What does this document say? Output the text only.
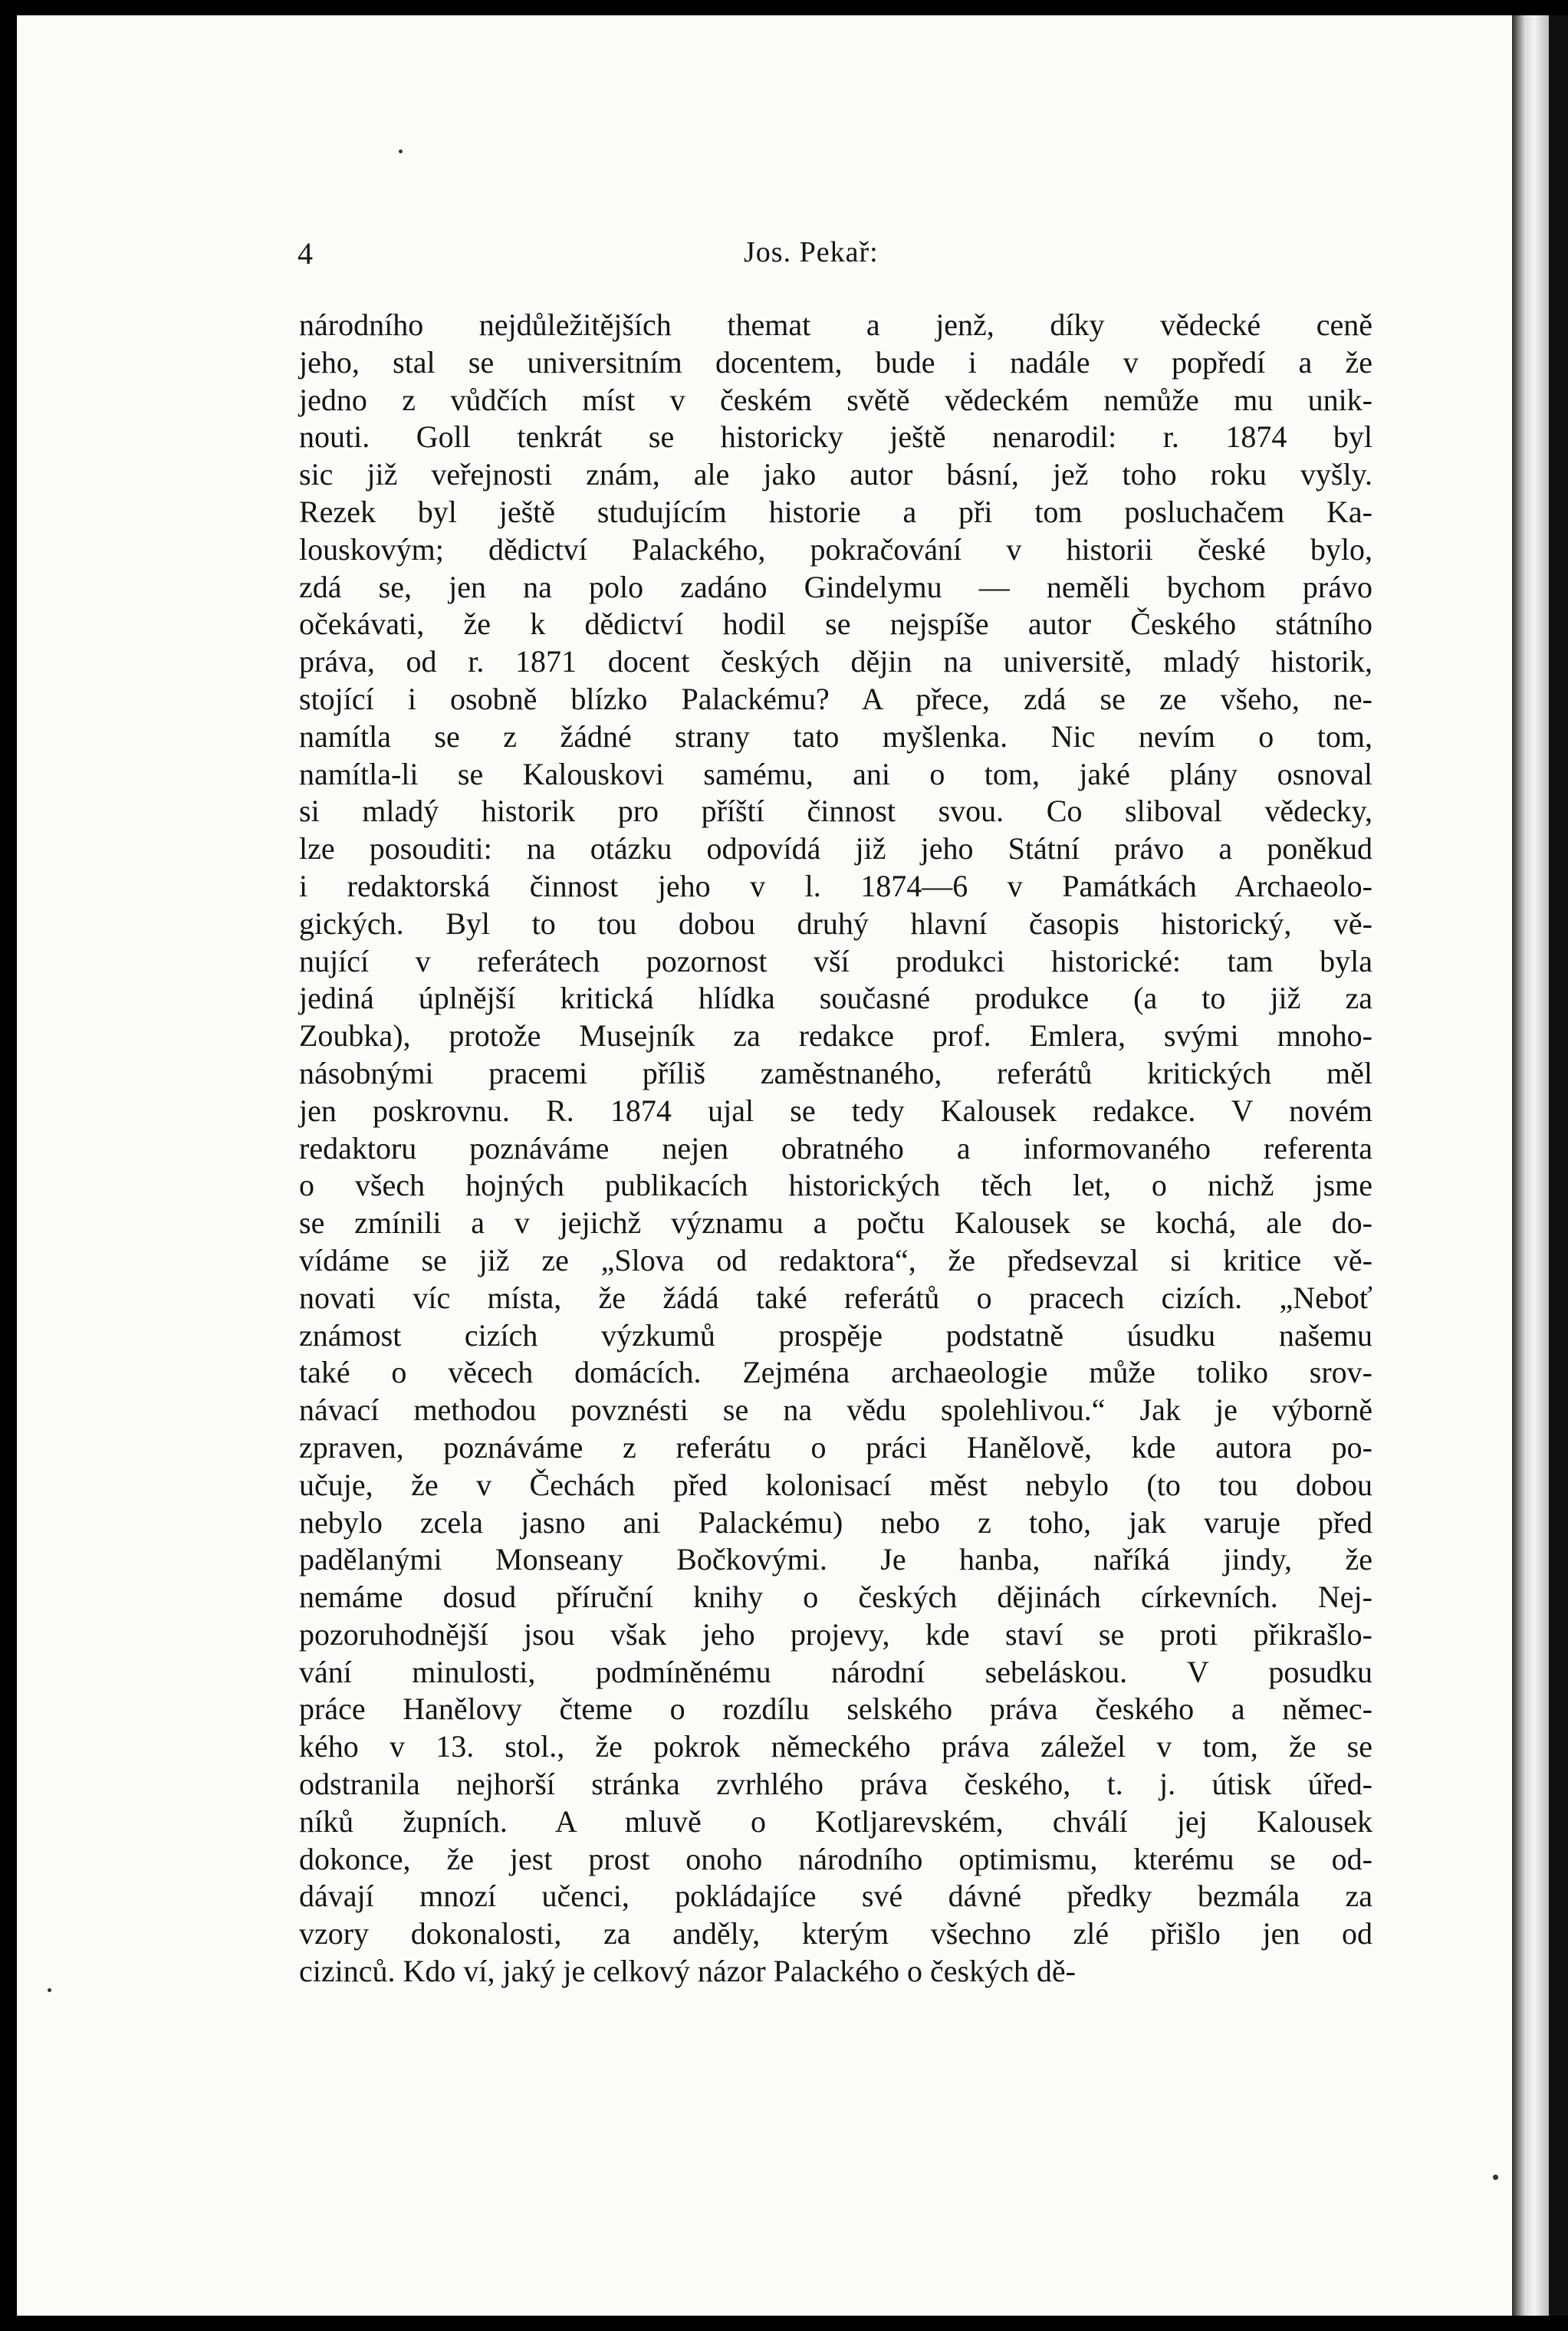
4	Jos. Pekař:
národního nejdůležitějších themat a jenž, díky vědecké ceně
jeho, stal se universitním docentem, bude i nadále v popředí a že
jedno z vůdčích míst v českém světě vědeckém nemůže mu unik-
nouti. Goll tenkrát se historicky ještě nenarodil: r. 1874 byl
sic již veřejnosti znám, ale jako autor básní, jež toho roku vyšly.
Rezek byl ještě studujícím historie a při tom posluchačem Ka-
louskovým; dědictví Palackého, pokračování v historii české bylo,
zdá se, jen na polo zadáno Gindelymu — neměli bychom právo
očekávati, že k dědictví hodil se nejspíše autor Českého státního
práva, od r. 1871 docent českých dějin na universitě, mladý historik,
stojící i osobně blízko Palackému? A přece, zdá se ze všeho, ne-
namítla se z žádné strany tato myšlenka. Nic nevím o tom,
namítla-li se Kalouskovi samému, ani o tom, jaké plány osnoval
si mladý historik pro příští činnost svou. Co sliboval vědecky,
lze posouditi: na otázku odpovídá již jeho Státní právo a poněkud
i redaktorská činnost jeho v l. 1874—6 v Památkách Archaeolo-
gických. Byl to tou dobou druhý hlavní časopis historický, vě-
nující v referátech pozornost vší produkci historické: tam byla
jediná úplnější kritická hlídka současné produkce (a to již za
Zoubka), protože Musejník za redakce prof. Emlera, svými mnoho-
násobnými pracemi příliš zaměstnaného, referátů kritických měl
jen poskrovnu. R. 1874 ujal se tedy Kalousek redakce. V novém
redaktoru poznáváme nejen obratného a informovaného referenta
o všech hojných publikacích historických těch let, o nichž jsme
se zmínili a v jejichž významu a počtu Kalousek se kochá, ale do-
vídáme se již ze „Slova od redaktora“, že předsevzal si kritice vě-
novati víc místa, že žádá také referátů o pracech cizích. „Neboť
známost cizích výzkumů prospěje podstatně úsudku našemu
také o věcech domácích. Zejména archaeologie může toliko srov-
návací methodou povznésti se na vědu spolehlivou.“ Jak je výborně
zpraven, poznáváme z referátu o práci Hanělově, kde autora po-
učuje, že v Čechách před kolonisací měst nebylo (to tou dobou
nebylo zcela jasno ani Palackému) nebo z toho, jak varuje před
padělanými Monseany Bočkovými. Je hanba, naříká jindy, že
nemáme dosud příruční knihy o českých dějinách církevních. Nej-
pozoruhodnější jsou však jeho projevy, kde staví se proti přikrašlo-
vání minulosti, podmíněnému národní sebeláskou. V posudku
práce Hanělovy čteme o rozdílu selského práva českého a němec-
kého v 13. stol., že pokrok německého práva záležel v tom, že se
odstranila nejhorší stránka zvrhlého práva českého, t. j. útisk úřed-
níků župních. A mluvě o Kotljarevském, chválí jej Kalousek
dokonce, že jest prost onoho národního optimismu, kterému se od-
dávají mnozí učenci, pokládajíce své dávné předky bezmála za
vzory dokonalosti, za anděly, kterým všechno zlé přišlo jen od
cizinců. Kdo ví, jaký je celkový názor Palackého o českých dě-
